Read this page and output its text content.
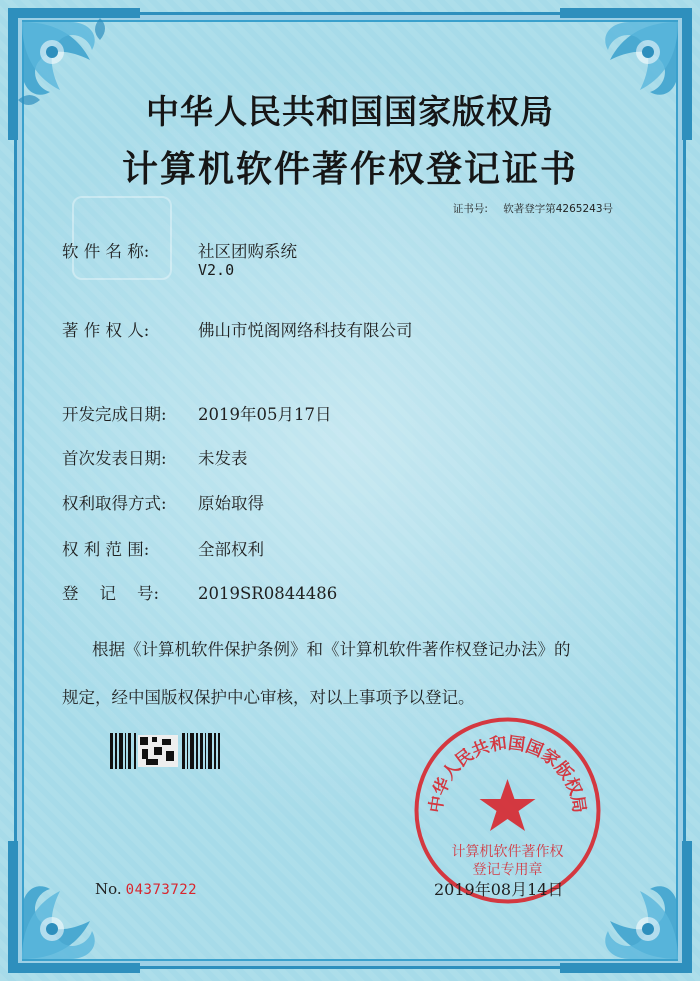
中华人民共和国国家版权局
计算机软件著作权登记证书
证书号: 软著登字第4265243号
软 件 名 称:	社区团购系统
V2.0
著 作 权 人:	佛山市悦阁网络科技有限公司
开发完成日期: 2019年05月17日
首次发表日期: 未发表
权利取得方式: 原始取得
权 利 范 围:	全部权利
登    记    号: 2019SR0844486
根据《计算机软件保护条例》和《计算机软件著作权登记办法》的
规定，经中国版权保护中心审核，对以上事项予以登记。
中华人民共和国国家版权局
计算机软件著作权
登记专用章
2019年08月14日
No. 04373722
